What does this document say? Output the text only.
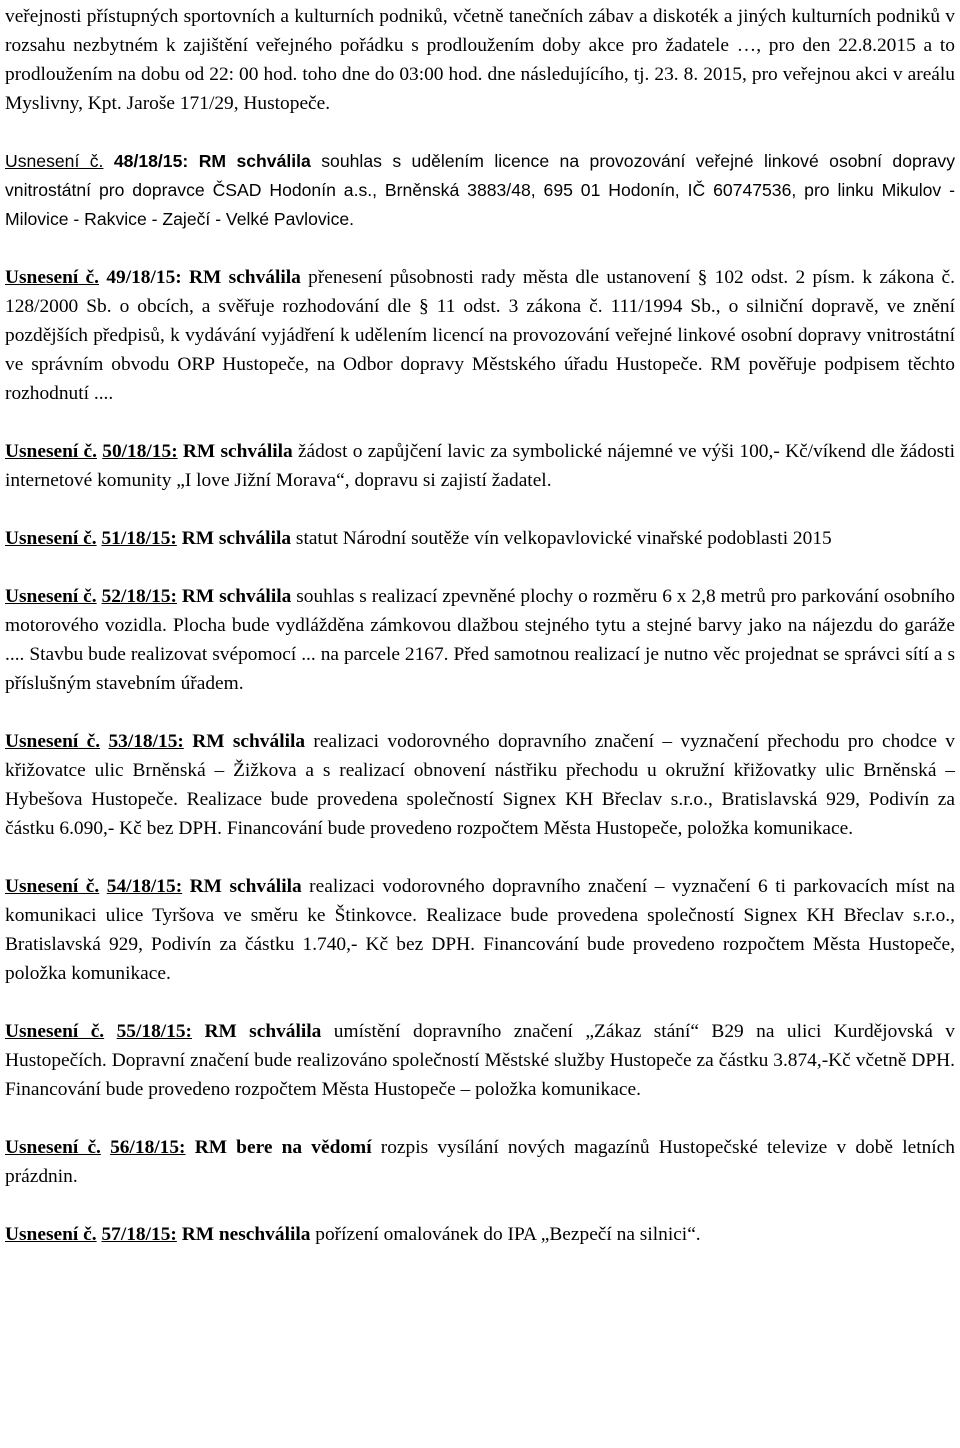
veřejnosti přístupných sportovních a kulturních podniků, včetně tanečních zábav a diskoték a jiných kulturních podniků v rozsahu nezbytném k zajištění veřejného pořádku s prodloužením doby akce pro žadatele …, pro den 22.8.2015 a to prodloužením na dobu od 22: 00 hod. toho dne do 03:00 hod. dne následujícího, tj. 23. 8. 2015, pro veřejnou akci v areálu Myslivny, Kpt. Jaroše 171/29, Hustopeče.

Usnesení č. 48/18/15: RM schválila souhlas s udělením licence na provozování veřejné linkové osobní dopravy vnitrostátní pro dopravce ČSAD Hodonín a.s., Brněnská 3883/48, 695 01 Hodonín, IČ 60747536, pro linku Mikulov - Milovice - Rakvice - Zaječí - Velké Pavlovice.

Usnesení č. 49/18/15: RM schválila přenesení působnosti rady města dle ustanovení § 102 odst. 2 písm. k zákona č. 128/2000 Sb. o obcích, a svěřuje rozhodování dle § 11 odst. 3 zákona č. 111/1994 Sb., o silniční dopravě, ve znění pozdějších předpisů, k vydávání vyjádření k udělením licencí na provozování veřejné linkové osobní dopravy vnitrostátní ve správním obvodu ORP Hustopeče, na Odbor dopravy Městského úřadu Hustopeče. RM pověřuje podpisem těchto rozhodnutí ....

Usnesení č. 50/18/15: RM schválila žádost o zapůjčení lavic za symbolické nájemné ve výši 100,- Kč/víkend dle žádosti internetové komunity „I love Jižní Morava“, dopravu si zajistí žadatel.

Usnesení č. 51/18/15: RM schválila statut Národní soutěže vín velkopavlovické vinařské podoblasti 2015

Usnesení č. 52/18/15: RM schválila souhlas s realizací zpevněné plochy o rozměru 6 x 2,8 metrů pro parkování osobního motorového vozidla. Plocha bude vydlážděna zámkovou dlažbou stejného tytu a stejné barvy jako na nájezdu do garáže .... Stavbu bude realizovat svépomocí ... na parcele 2167. Před samotnou realizací je nutno věc projednat se správci sítí a s příslušným stavebním úřadem.

Usnesení č. 53/18/15: RM schválila realizaci vodorovného dopravního značení – vyznačení přechodu pro chodce v křižovatce ulic Brněnská – Žižkova a s realizací obnovení nástřiku přechodu u okružní křižovatky ulic Brněnská – Hybešova Hustopeče. Realizace bude provedena společností Signex KH Břeclav s.r.o., Bratislavská 929, Podivín za částku 6.090,- Kč bez DPH. Financování bude provedeno rozpočtem Města Hustopeče, položka komunikace.

Usnesení č. 54/18/15: RM schválila realizaci vodorovného dopravního značení – vyznačení 6 ti parkovacích míst na komunikaci ulice Tyršova ve směru ke Štinkovce. Realizace bude provedena společností Signex KH Břeclav s.r.o., Bratislavská 929, Podivín za částku 1.740,- Kč bez DPH. Financování bude provedeno rozpočtem Města Hustopeče, položka komunikace.

Usnesení č. 55/18/15: RM schválila umístění dopravního značení „Zákaz stání“ B29 na ulici Kurdějovská v Hustopečích. Dopravní značení bude realizováno společností Městské služby Hustopeče za částku 3.874,-Kč včetně DPH. Financování bude provedeno rozpočtem Města Hustopeče – položka komunikace.

Usnesení č. 56/18/15: RM bere na vědomí rozpis vysílání nových magazínů Hustopečské televize v době letních prázdnin.

Usnesení č. 57/18/15: RM neschválila pořízení omalovánek do IPA „Bezpečí na silnici“.
